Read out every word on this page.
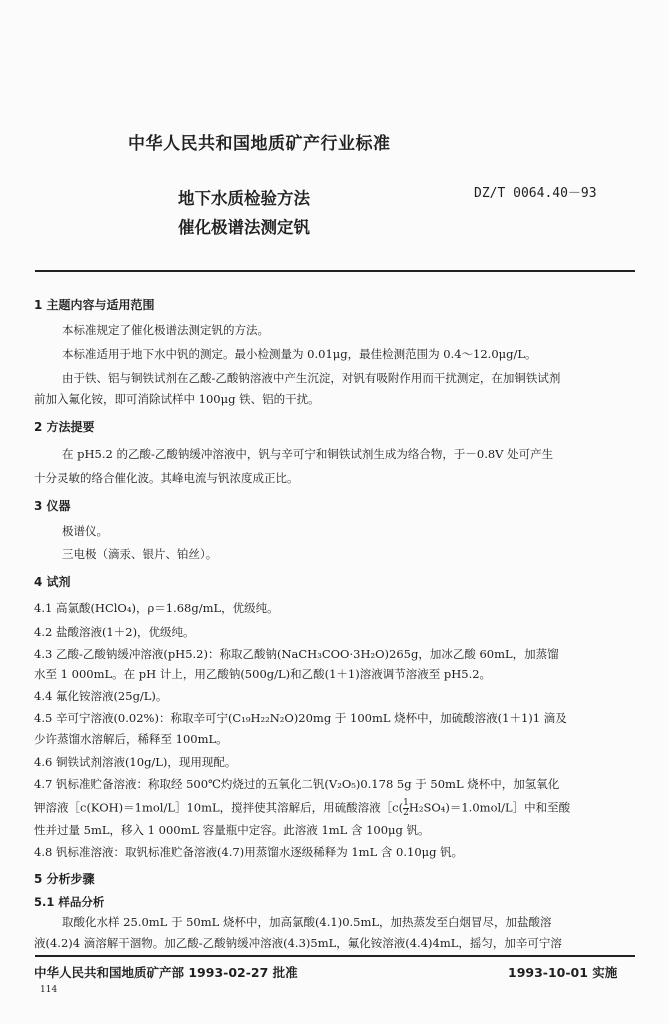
中华人民共和国地质矿产行业标准
地下水质检验方法
催化极谱法测定钒
DZ/T 0064.40－93
1 主题内容与适用范围
本标准规定了催化极谱法测定钒的方法。
本标准适用于地下水中钒的测定。最小检测量为 0.01μg，最佳检测范围为 0.4～12.0μg/L。
由于铁、铝与铜铁试剂在乙酸-乙酸钠溶液中产生沉淀，对钒有吸附作用而干扰测定，在加铜铁试剂
前加入氟化铵，即可消除试样中 100μg 铁、铝的干扰。
2 方法提要
在 pH5.2 的乙酸-乙酸钠缓冲溶液中，钒与辛可宁和铜铁试剂生成为络合物，于－0.8V 处可产生
十分灵敏的络合催化波。其峰电流与钒浓度成正比。
3 仪器
极谱仪。
三电极（滴汞、银片、铂丝）。
4 试剂
4.1 高氯酸(HClO₄)，ρ＝1.68g/mL，优级纯。
4.2 盐酸溶液(1＋2)，优级纯。
4.3 乙酸-乙酸钠缓冲溶液(pH5.2)：称取乙酸钠(NaCH₃COO·3H₂O)265g，加冰乙酸 60mL，加蒸馏
水至 1 000mL。在 pH 计上，用乙酸钠(500g/L)和乙酸(1＋1)溶液调节溶液至 pH5.2。
4.4 氟化铵溶液(25g/L)。
4.5 辛可宁溶液(0.02%)：称取辛可宁(C₁₉H₂₂N₂O)20mg 于 100mL 烧杯中，加硫酸溶液(1＋1)1 滴及
少许蒸馏水溶解后，稀释至 100mL。
4.6 铜铁试剂溶液(10g/L)，现用现配。
4.7 钒标准贮备溶液：称取经 500℃灼烧过的五氧化二钒(V₂O₅)0.178 5g 于 50mL 烧杯中，加氢氧化
钾溶液［c(KOH)＝1mol/L］10mL，搅拌使其溶解后，用硫酸溶液［c( $\frac{1}{2}$ H₂SO₄)＝1.0mol/L］中和至酸
性并过量 5mL，移入 1 000mL 容量瓶中定容。此溶液 1mL 含 100μg 钒。
4.8 钒标准溶液：取钒标准贮备溶液(4.7)用蒸馏水逐级稀释为 1mL 含 0.10μg 钒。
5 分析步骤
5.1 样品分析
取酸化水样 25.0mL 于 50mL 烧杯中，加高氯酸(4.1)0.5mL，加热蒸发至白烟冒尽，加盐酸溶
液(4.2)4 滴溶解干涸物。加乙酸-乙酸钠缓冲溶液(4.3)5mL，氟化铵溶液(4.4)4mL，摇匀，加辛可宁溶
中华人民共和国地质矿产部 1993-02-27 批准	1993-10-01 实施
114
